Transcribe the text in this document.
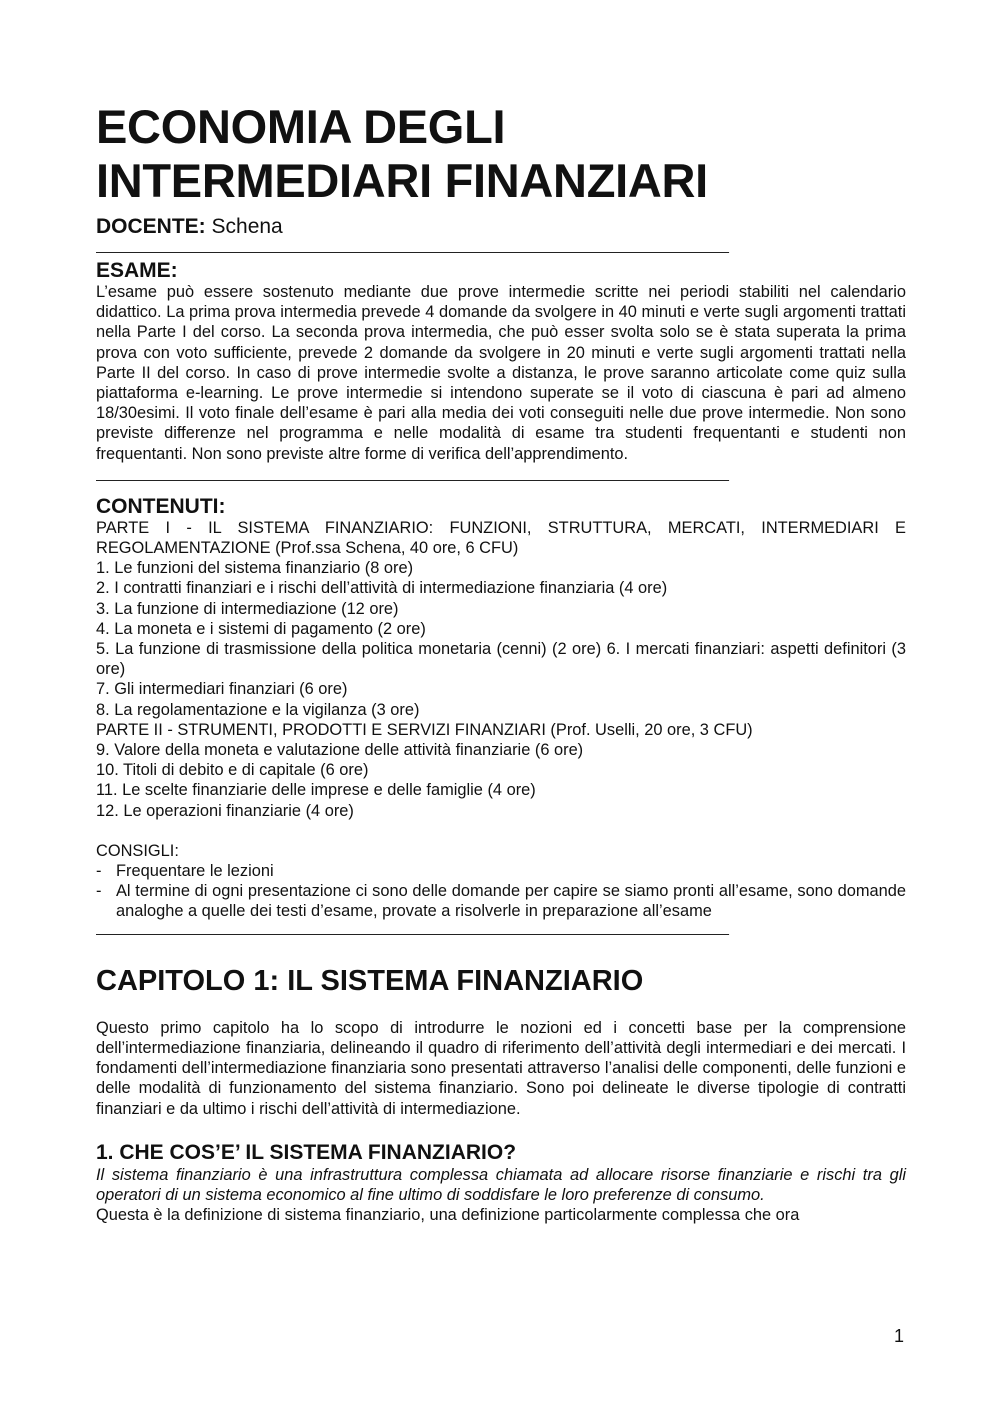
ECONOMIA DEGLI
INTERMEDIARI FINANZIARI
DOCENTE: Schena
________________________________________________________________________________
ESAME:

L’esame può essere sostenuto mediante due prove intermedie scritte nei periodi stabiliti nel calendario didattico. La prima prova intermedia prevede 4 domande da svolgere in 40 minuti e verte sugli argomenti trattati nella Parte I del corso. La seconda prova intermedia, che può esser svolta solo se è stata superata la prima prova con voto sufficiente, prevede 2 domande da svolgere in 20 minuti e verte sugli argomenti trattati nella Parte II del corso. In caso di prove intermedie svolte a distanza, le prove saranno articolate come quiz sulla piattaforma e-learning. Le prove intermedie si intendono superate se il voto di ciascuna è pari ad almeno 18/30esimi. Il voto finale dell’esame è pari alla media dei voti conseguiti nelle due prove intermedie. Non sono previste differenze nel programma e nelle modalità di esame tra studenti frequentanti e studenti non frequentanti. Non sono previste altre forme di verifica dell’apprendimento.

________________________________________________________________________________
CONTENUTI:
PARTE I - IL SISTEMA FINANZIARIO: FUNZIONI, STRUTTURA, MERCATI, INTERMEDIARI E REGOLAMENTAZIONE (Prof.ssa Schena, 40 ore, 6 CFU)
1. Le funzioni del sistema finanziario (8 ore)
2. I contratti finanziari e i rischi dell’attività di intermediazione finanziaria (4 ore)
3. La funzione di intermediazione (12 ore)
4. La moneta e i sistemi di pagamento (2 ore)
5. La funzione di trasmissione della politica monetaria (cenni) (2 ore) 6. I mercati finanziari: aspetti definitori (3 ore)
7. Gli intermediari finanziari (6 ore)
8. La regolamentazione e la vigilanza (3 ore)
PARTE II - STRUMENTI, PRODOTTI E SERVIZI FINANZIARI (Prof. Uselli, 20 ore, 3 CFU)
9. Valore della moneta e valutazione delle attività finanziarie (6 ore)
10. Titoli di debito e di capitale (6 ore)
11. Le scelte finanziarie delle imprese e delle famiglie (4 ore)
12. Le operazioni finanziarie (4 ore)
CONSIGLI:
- Frequentare le lezioni
- Al termine di ogni presentazione ci sono delle domande per capire se siamo pronti all’esame, sono domande analoghe a quelle dei testi d’esame, provate a risolverle in preparazione all’esame
________________________________________________________________________________
CAPITOLO 1: IL SISTEMA FINANZIARIO

Questo primo capitolo ha lo scopo di introdurre le nozioni ed i concetti base per la comprensione dell’intermediazione finanziaria, delineando il quadro di riferimento dell’attività degli intermediari e dei mercati. I fondamenti dell’intermediazione finanziaria sono presentati attraverso l’analisi delle componenti, delle funzioni e delle modalità di funzionamento del sistema finanziario. Sono poi delineate le diverse tipologie di contratti finanziari e da ultimo i rischi dell’attività di intermediazione.

1. CHE COS’E’ IL SISTEMA FINANZIARIO?

Il sistema finanziario è una infrastruttura complessa chiamata ad allocare risorse finanziarie e rischi tra gli operatori di un sistema economico al fine ultimo di soddisfare le loro preferenze di consumo.

Questa è la definizione di sistema finanziario, una definizione particolarmente complessa che ora

1
